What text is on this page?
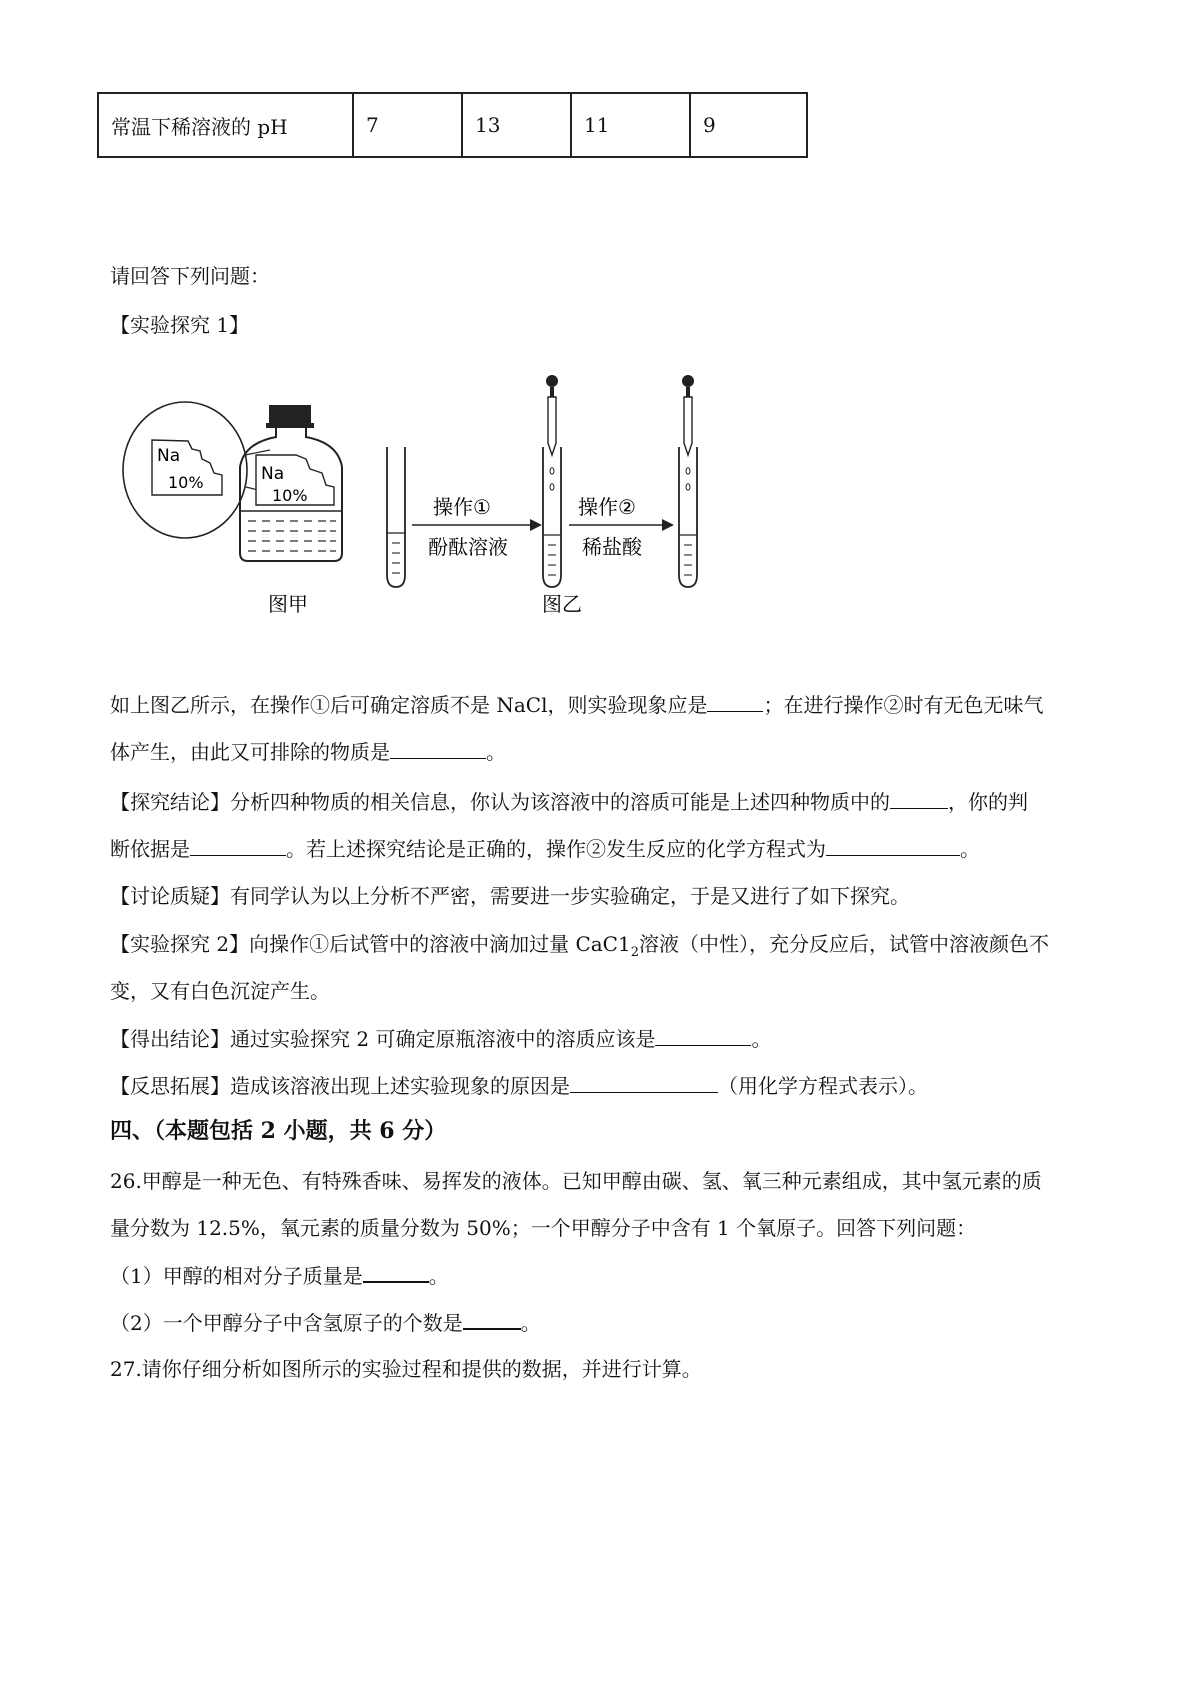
常温下稀溶液的 pH	7	13	11	9
请回答下列问题：
【实验探究 1】
Na
10%	Na
10%
图甲
操作①
酚酞溶液
图乙
操作②
稀盐酸
如上图乙所示，在操作①后可确定溶质不是 NaCl，则实验现象应是	；在进行操作②时有无色无味气
体产生，由此又可排除的物质是	。
【探究结论】分析四种物质的相关信息，你认为该溶液中的溶质可能是上述四种物质中的	，你的判
断依据是	。若上述探究结论是正确的，操作②发生反应的化学方程式为	。
【讨论质疑】有同学认为以上分析不严密，需要进一步实验确定，于是又进行了如下探究。
【实验探究 2】向操作①后试管中的溶液中滴加过量 $CaC1_2$溶液（中性），充分反应后，试管中溶液颜色不
变，又有白色沉淀产生。
【得出结论】通过实验探究 2 可确定原瓶溶液中的溶质应该是	。
【反思拓展】造成该溶液出现上述实验现象的原因是	（用化学方程式表示）。
四、（本题包括 2 小题，共 6 分）
26.甲醇是一种无色、有特殊香味、易挥发的液体。已知甲醇由碳、氢、氧三种元素组成，其中氢元素的质
量分数为 12.5%，氧元素的质量分数为 50%；一个甲醇分子中含有 1 个氧原子。回答下列问题：
（1）甲醇的相对分子质量是	。
（2）一个甲醇分子中含氢原子的个数是	。
27.请你仔细分析如图所示的实验过程和提供的数据，并进行计算。
